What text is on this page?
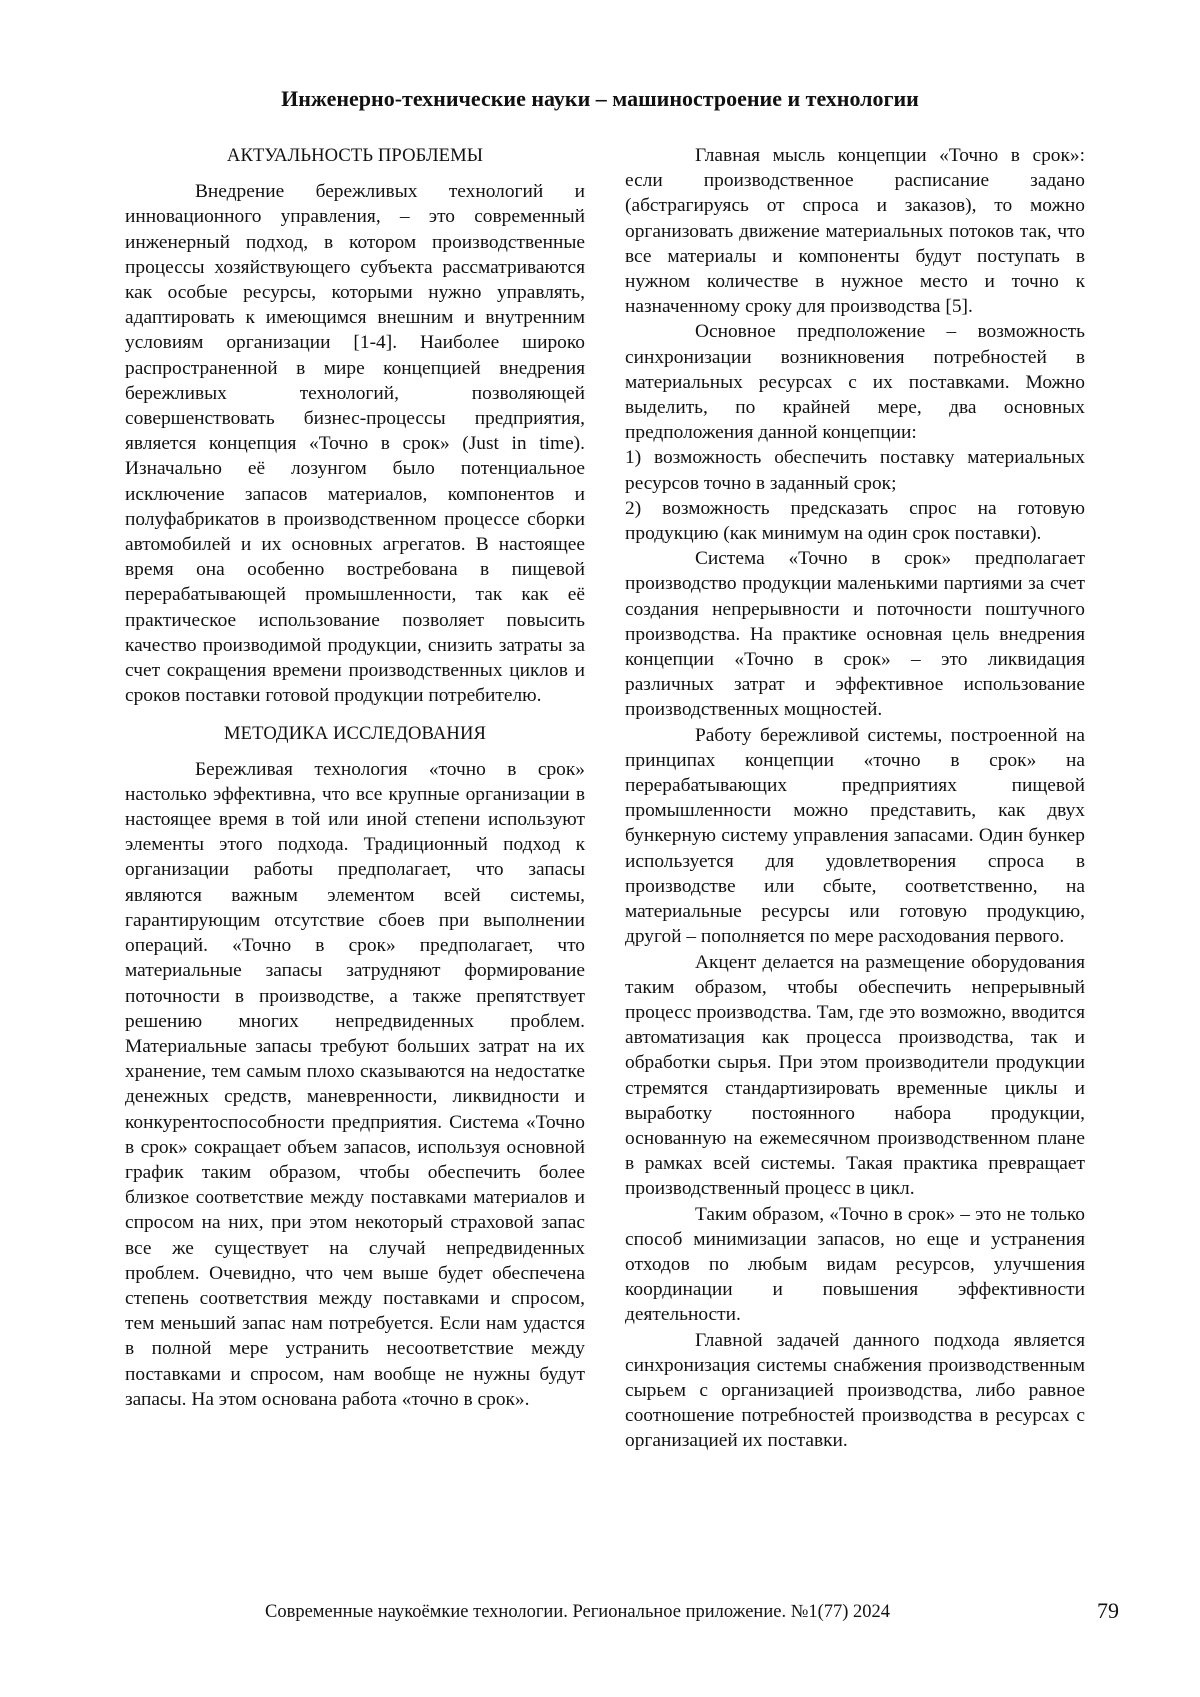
Инженерно-технические науки – машиностроение и технологии
АКТУАЛЬНОСТЬ ПРОБЛЕМЫ

Внедрение бережливых технологий и инновационного управления, – это современный инженерный подход, в котором производственные процессы хозяйствующего субъекта рассматриваются как особые ресурсы, которыми нужно управлять, адаптировать к имеющимся внешним и внутренним условиям организации [1-4]. Наиболее широко распространенной в мире концепцией внедрения бережливых технологий, позволяющей совершенствовать бизнес-процессы предприятия, является концепция «Точно в срок» (Just in time). Изначально её лозунгом было потенциальное исключение запасов материалов, компонентов и полуфабрикатов в производственном процессе сборки автомобилей и их основных агрегатов. В настоящее время она особенно востребована в пищевой перерабатывающей промышленности, так как её практическое использование позволяет повысить качество производимой продукции, снизить затраты за счет сокращения времени производственных циклов и сроков поставки готовой продукции потребителю.

МЕТОДИКА ИССЛЕДОВАНИЯ

Бережливая технология «точно в срок» настолько эффективна, что все крупные организации в настоящее время в той или иной степени используют элементы этого подхода. Традиционный подход к организации работы предполагает, что запасы являются важным элементом всей системы, гарантирующим отсутствие сбоев при выполнении операций. «Точно в срок» предполагает, что материальные запасы затрудняют формирование поточности в производстве, а также препятствует решению многих непредвиденных проблем. Материальные запасы требуют больших затрат на их хранение, тем самым плохо сказываются на недостатке денежных средств, маневренности, ликвидности и конкурентоспособности предприятия. Система «Точно в срок» сокращает объем запасов, используя основной график таким образом, чтобы обеспечить более близкое соответствие между поставками материалов и спросом на них, при этом некоторый страховой запас все же существует на случай непредвиденных проблем. Очевидно, что чем выше будет обеспечена степень соответствия между поставками и спросом, тем меньший запас нам потребуется. Если нам удастся в полной мере устранить несоответствие между поставками и спросом, нам вообще не нужны будут запасы. На этом основана работа «точно в срок».

Главная мысль концепции «Точно в срок»: если производственное расписание задано (абстрагируясь от спроса и заказов), то можно организовать движение материальных потоков так, что все материалы и компоненты будут поступать в нужном количестве в нужное место и точно к назначенному сроку для производства [5].

Основное предположение – возможность синхронизации возникновения потребностей в материальных ресурсах с их поставками. Можно выделить, по крайней мере, два основных предположения данной концепции:

1) возможность обеспечить поставку материальных ресурсов точно в заданный срок;

2) возможность предсказать спрос на готовую продукцию (как минимум на один срок поставки).

Система «Точно в срок» предполагает производство продукции маленькими партиями за счет создания непрерывности и поточности поштучного производства. На практике основная цель внедрения концепции «Точно в срок» – это ликвидация различных затрат и эффективное использование производственных мощностей.

Работу бережливой системы, построенной на принципах концепции «точно в срок» на перерабатывающих предприятиях пищевой промышленности можно представить, как двух бункерную систему управления запасами. Один бункер используется для удовлетворения спроса в производстве или сбыте, соответственно, на материальные ресурсы или готовую продукцию, другой – пополняется по мере расходования первого.

Акцент делается на размещение оборудования таким образом, чтобы обеспечить непрерывный процесс производства. Там, где это возможно, вводится автоматизация как процесса производства, так и обработки сырья. При этом производители продукции стремятся стандартизировать временные циклы и выработку постоянного набора продукции, основанную на ежемесячном производственном плане в рамках всей системы. Такая практика превращает производственный процесс в цикл.

Таким образом, «Точно в срок» – это не только способ минимизации запасов, но еще и устранения отходов по любым видам ресурсов, улучшения координации и повышения эффективности деятельности.

Главной задачей данного подхода является синхронизация системы снабжения производственным сырьем с организацией производства, либо равное соотношение потребностей производства в ресурсах с организацией их поставки.

Современные наукоёмкие технологии. Региональное приложение. №1(77) 2024	79
